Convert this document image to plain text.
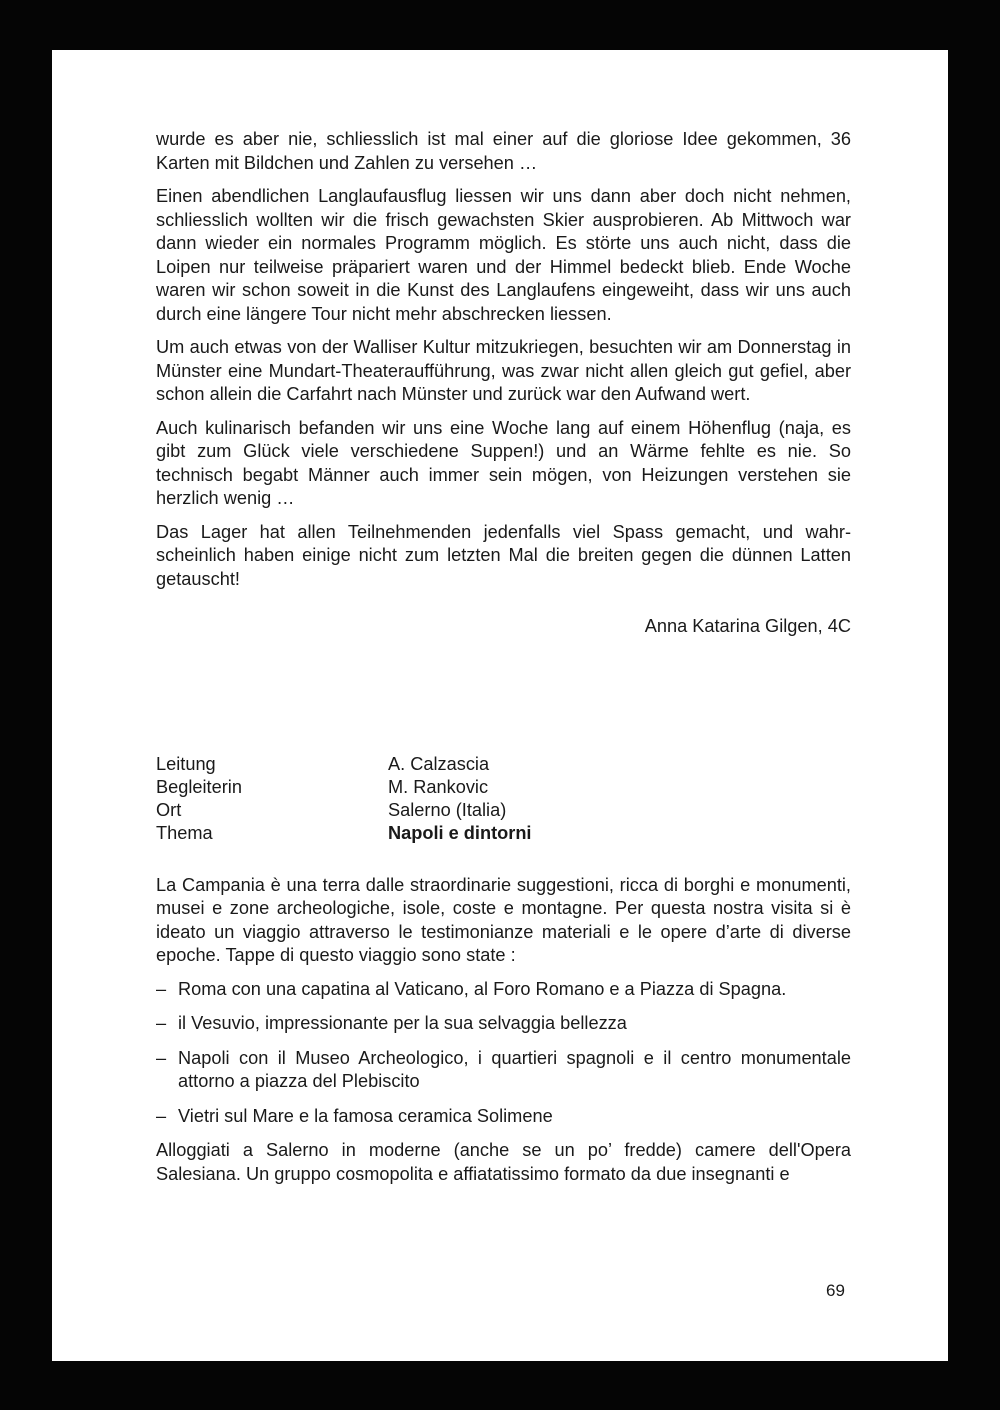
wurde es aber nie, schliesslich ist mal einer auf die gloriose Idee gekommen, 36 Karten mit Bildchen und Zahlen zu versehen …

Einen abendlichen Langlaufausflug liessen wir uns dann aber doch nicht nehmen, schliesslich wollten wir die frisch gewachsten Skier ausprobieren. Ab Mittwoch war dann wieder ein normales Programm möglich. Es störte uns auch nicht, dass die Loipen nur teilweise präpariert waren und der Himmel bedeckt blieb. Ende Woche waren wir schon soweit in die Kunst des Langlaufens eingeweiht, dass wir uns auch durch eine längere Tour nicht mehr abschrecken liessen.

Um auch etwas von der Walliser Kultur mitzukriegen, besuchten wir am Donnerstag in Münster eine Mundart-Theateraufführung, was zwar nicht allen gleich gut gefiel, aber schon allein die Carfahrt nach Münster und zurück war den Aufwand wert.

Auch kulinarisch befanden wir uns eine Woche lang auf einem Höhenflug (naja, es gibt zum Glück viele verschiedene Suppen!) und an Wärme fehlte es nie. So technisch begabt Männer auch immer sein mögen, von Heizungen verstehen sie herzlich wenig …

Das Lager hat allen Teilnehmenden jedenfalls viel Spass gemacht, und wahrscheinlich haben einige nicht zum letzten Mal die breiten gegen die dünnen Latten getauscht!

Anna Katarina Gilgen, 4C

Leitung	A. Calzascia
Begleiterin	M. Rankovic
Ort	Salerno (Italia)
Thema	Napoli e dintorni

La Campania è una terra dalle straordinarie suggestioni, ricca di borghi e monumenti, musei e zone archeologiche, isole, coste e montagne. Per questa nostra visita si è ideato un viaggio attraverso le testimonianze materiali e le opere d’arte di diverse epoche. Tappe di questo viaggio sono state :

– Roma con una capatina al Vaticano, al Foro Romano e a Piazza di Spagna.
– il Vesuvio, impressionante per la sua selvaggia bellezza
– Napoli con il Museo Archeologico, i quartieri spagnoli e il centro monumentale attorno a piazza del Plebiscito
– Vietri sul Mare e la famosa ceramica Solimene

Alloggiati a Salerno in moderne (anche se un po’ fredde) camere dell'Opera Salesiana. Un gruppo cosmopolita e affiatatissimo formato da due insegnanti e

69
